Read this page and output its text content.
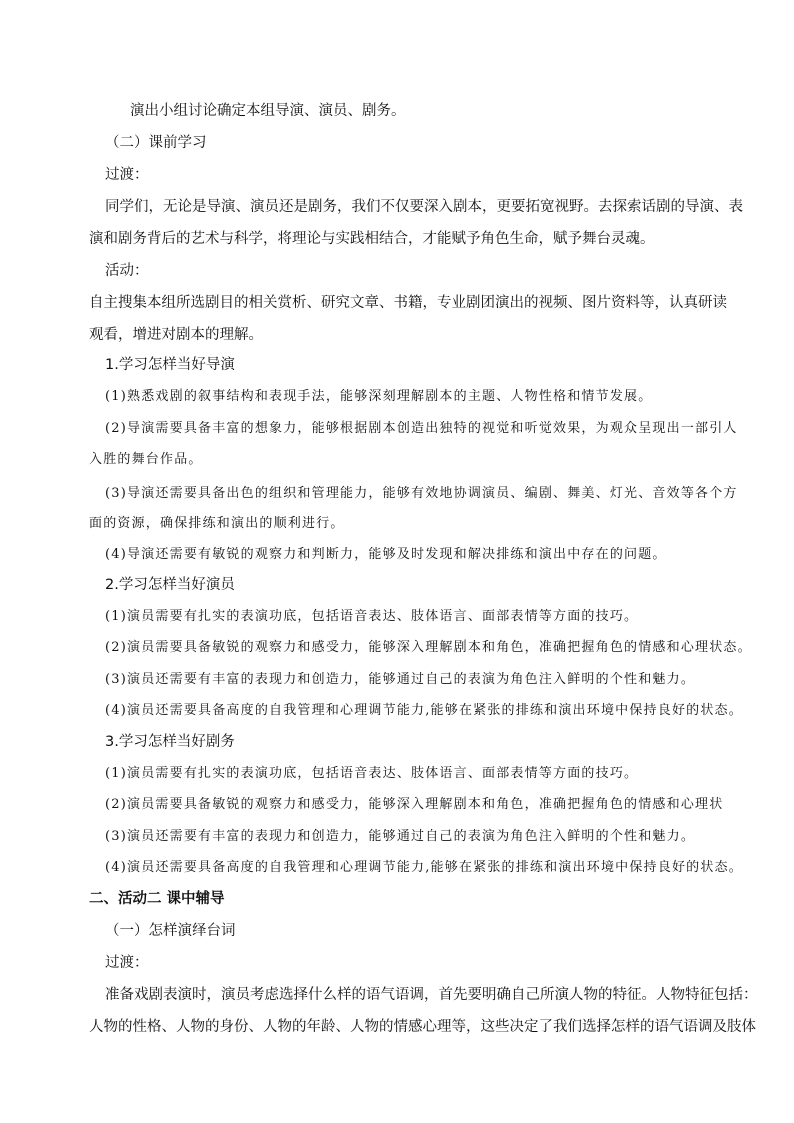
演出小组讨论确定本组导演、演员、剧务。
（二）课前学习
过渡：
同学们，无论是导演、演员还是剧务，我们不仅要深入剧本，更要拓宽视野。去探索话剧的导演、表
演和剧务背后的艺术与科学，将理论与实践相结合，才能赋予角色生命，赋予舞台灵魂。
活动：
自主搜集本组所选剧目的相关赏析、研究文章、书籍，专业剧团演出的视频、图片资料等，认真研读
观看，增进对剧本的理解。
1.学习怎样当好导演
(1)熟悉戏剧的叙事结构和表现手法，能够深刻理解剧本的主题、人物性格和情节发展。
(2)导演需要具备丰富的想象力，能够根据剧本创造出独特的视觉和听觉效果，为观众呈现出一部引人
入胜的舞台作品。
(3)导演还需要具备出色的组织和管理能力，能够有效地协调演员、编剧、舞美、灯光、音效等各个方
面的资源，确保排练和演出的顺利进行。
(4)导演还需要有敏锐的观察力和判断力，能够及时发现和解决排练和演出中存在的问题。
2.学习怎样当好演员
(1)演员需要有扎实的表演功底，包括语音表达、肢体语言、面部表情等方面的技巧。
(2)演员需要具备敏锐的观察力和感受力，能够深入理解剧本和角色，准确把握角色的情感和心理状态。
(3)演员还需要有丰富的表现力和创造力，能够通过自己的表演为角色注入鲜明的个性和魅力。
(4)演员还需要具备高度的自我管理和心理调节能力,能够在紧张的排练和演出环境中保持良好的状态。
3.学习怎样当好剧务
(1)演员需要有扎实的表演功底，包括语音表达、肢体语言、面部表情等方面的技巧。
(2)演员需要具备敏锐的观察力和感受力，能够深入理解剧本和角色，准确把握角色的情感和心理状
(3)演员还需要有丰富的表现力和创造力，能够通过自己的表演为角色注入鲜明的个性和魅力。
(4)演员还需要具备高度的自我管理和心理调节能力,能够在紧张的排练和演出环境中保持良好的状态。
二、活动二 课中辅导
（一）怎样演绎台词
过渡：
准备戏剧表演时，演员考虑选择什么样的语气语调，首先要明确自己所演人物的特征。人物特征包括：
人物的性格、人物的身份、人物的年龄、人物的情感心理等，这些决定了我们选择怎样的语气语调及肢体
